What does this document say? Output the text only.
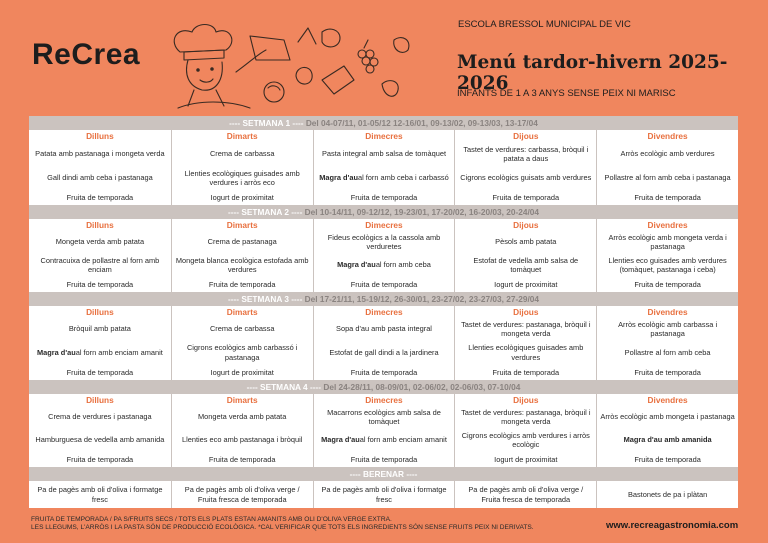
ReCrea
ESCOLA BRESSOL MUNICIPAL DE VIC
Menú tardor-hivern 2025-2026
INFANTS DE 1 A 3 ANYS SENSE PEIX NI MARISC
---- SETMANA 1 ---- Del 04-07/11, 01-05/12 12-16/01, 09-13/02, 09-13/03, 13-17/04
Dilluns
Patata amb pastanaga i mongeta verda
Gall dindi amb ceba i pastanaga
Fruita de temporada
Dimarts
Crema de carbassa
Llenties ecològiques guisades amb verdures i arròs eco
Iogurt de proximitat
Dimecres
Pasta integral amb salsa de tomàquet
Magra d'au al forn amb ceba i carbassó
Fruita de temporada
Dijous
Tastet de verdures: carbassa, bròquil i patata a daus
Cigrons ecològics guisats amb verdures
Fruita de temporada
Divendres
Arròs ecològic amb verdures
Pollastre al forn amb ceba i pastanaga
Fruita de temporada
---- SETMANA 2 ---- Del 10-14/11, 09-12/12, 19-23/01, 17-20/02, 16-20/03, 20-24/04
Dilluns
Mongeta verda amb patata
Contracuixa de pollastre al forn amb enciam
Fruita de temporada
Dimarts
Crema de pastanaga
Mongeta blanca ecològica estofada amb verdures
Fruita de temporada
Dimecres
Fideus ecològics a la cassola amb verduretes
Magra d'au al forn amb ceba
Fruita de temporada
Dijous
Pèsols amb patata
Estofat de vedella amb salsa de tomàquet
Iogurt de proximitat
Divendres
Arròs ecològic amb mongeta verda i pastanaga
Llenties eco guisades amb verdures (tomàquet, pastanaga i ceba)
Fruita de temporada
---- SETMANA 3 ---- Del 17-21/11, 15-19/12, 26-30/01, 23-27/02, 23-27/03, 27-29/04
Dilluns
Bròquil amb patata
Magra d'au al forn amb enciam amanit
Fruita de temporada
Dimarts
Crema de carbassa
Cigrons ecològics amb carbassó i pastanaga
Iogurt de proximitat
Dimecres
Sopa d'au amb pasta integral
Estofat de gall dindi a la jardinera
Fruita de temporada
Dijous
Tastet de verdures: pastanaga, bròquil i mongeta verda
Llenties ecològiques guisades amb verdures
Fruita de temporada
Divendres
Arròs ecològic amb carbassa i pastanaga
Pollastre al forn amb ceba
Fruita de temporada
---- SETMANA 4 ---- Del 24-28/11, 08-09/01, 02-06/02, 02-06/03, 07-10/04
Dilluns
Crema de verdures i pastanaga
Hamburguesa de vedella amb amanida
Fruita de temporada
Dimarts
Mongeta verda amb patata
Llenties eco amb pastanaga i bròquil
Fruita de temporada
Dimecres
Macarrons ecològics amb salsa de tomàquet
Magra d'au al forn amb enciam amanit
Fruita de temporada
Dijous
Tastet de verdures: pastanaga, bròquil i mongeta verda
Cigrons ecològics amb verdures i arròs ecològic
Iogurt de proximitat
Divendres
Arròs ecològic amb mongeta i pastanaga
Magra d'au amb amanida
Fruita de temporada
---- BERENAR ----
Pa de pagès amb oli d'oliva i formatge fresc
Pa de pagès amb oli d'oliva verge / Fruita fresca de temporada
Pa de pagès amb oli d'oliva i formatge fresc
Pa de pagès amb oli d'oliva verge / Fruita fresca de temporada
Bastonets de pa i plàtan
FRUITA DE TEMPORADA / PA S/FRUITS SECS / TOTS ELS PLATS ESTAN AMANITS AMB OLI D'OLIVA VERGE EXTRA.
LES LLEGUMS, L'ARRÒS I LA PASTA SÓN DE PRODUCCIÓ ECOLÒGICA. *CAL VERIFICAR QUE TOTS ELS INGREDIENTS SÓN SENSE FRUITS PEIX NI DERIVATS.	www.recreagastronomia.com
